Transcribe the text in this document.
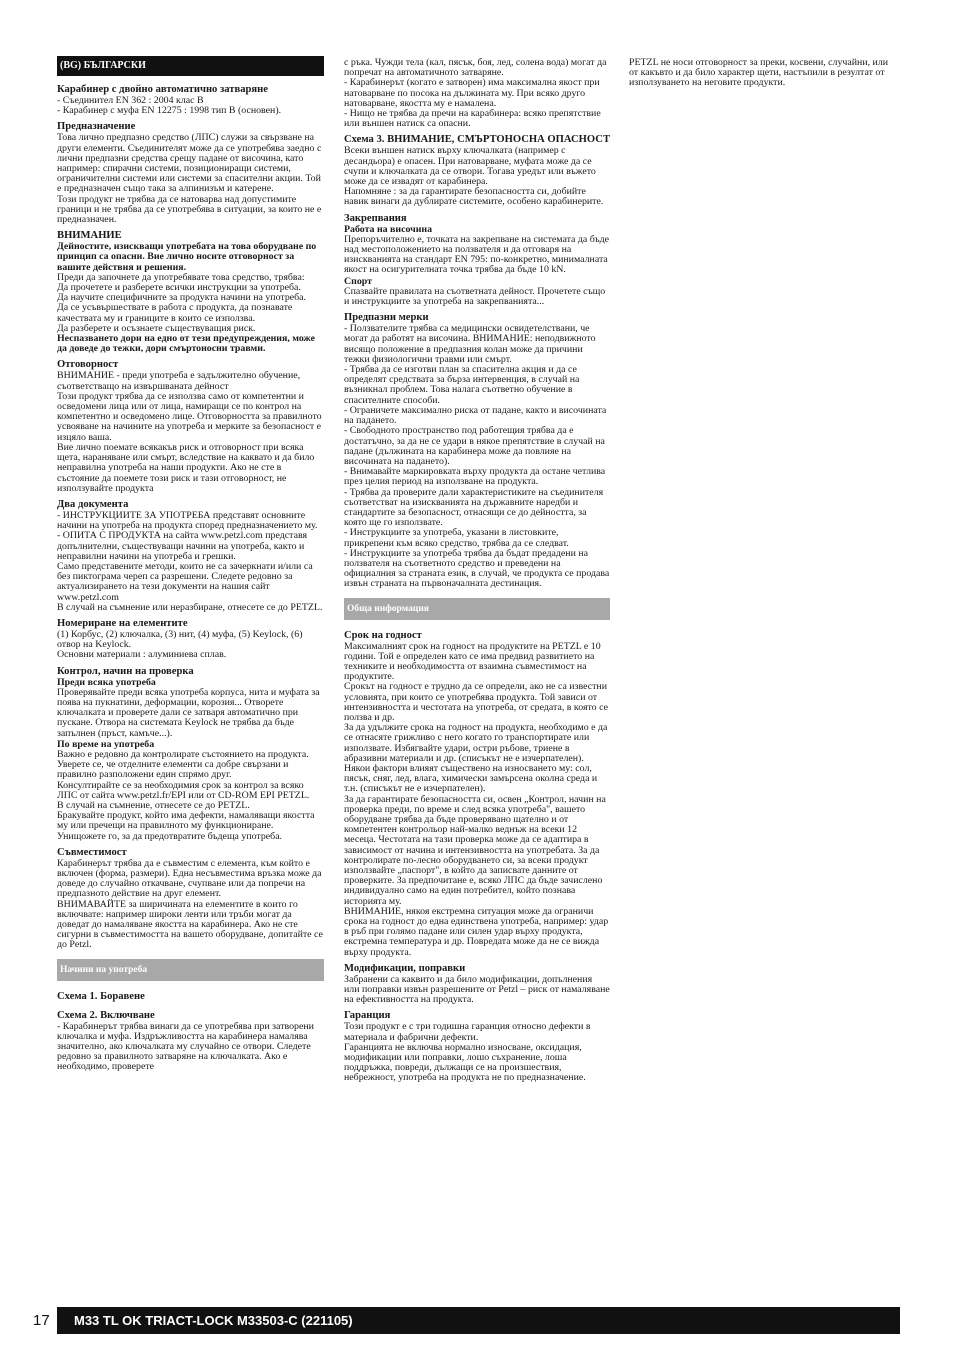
(BG) БЪЛГАРСКИ
Карабинер с двойно автоматично затваряне
- Съединител EN 362 : 2004 клас B
- Карабинер с муфа EN 12275 : 1998 тип B (основен).
Предназначение
Това лично предпазно средство (ЛПС) служи за свързване на други елементи. Съединителят може да се употребява заедно с лични предпазни средства срещу падане от височина, като например: спирачни системи, позициониращи системи, ограничителни системи или системи за спасителни акции. Той е предназначен също така за алпинизъм и катерене.
Този продукт не трябва да се натоварва над допустимите граници и не трябва да се употребява в ситуации, за които не е предназначен.
ВНИМАНИЕ
Дейностите, изискващи употребата на това оборудване по принцип са опасни. Вие лично носите отговорност за вашите действия и решения.
Преди да започнете да употребявате това средство, трябва:
Да прочетете и разберете всички инструкции за употреба.
Да научите специфичните за продукта начини на употреба.
Да се усъвършествате в работа с продукта, да познавате качествата му и границите в които се използва.
Да разберете и осъзнаете съществуващия риск.
Неспазването дори на едно от тези предупреждения, може да доведе до тежки, дори смъртоносни травми.
Отговорност
ВНИМАНИЕ - преди употреба е задължително обучение, съответстващо на извършваната дейност
Този продукт трябва да се използва само от компетентни и осведомени лица или от лица, намиращи се по контрол на компетентно и осведомено лице. Отговорността за правилното усвояване на начините на употреба и мерките за безопасност е изцяло ваша.
Вие лично поемате всякакъв риск и отговорност при всяка щета, нараняване или смърт, вследствие на каквато и да било неправилна употреба на наши продукти. Ако не сте в състояние да поемете този риск и тази отговорност, не използувайте продукта
Два документа
- ИНСТРУКЦИИТЕ ЗА УПОТРЕБА представят основните начини на употреба на продукта според предназначението му.
- ОПИТА С ПРОДУКТА на сайта www.petzl.com представя допълнителни, съществуващи начини на употреба, както и неправилни начини на употреба и грешки.
Само представените методи, които не са зачеркнати и/или са без пиктограма череп са разрешени. Следете редовно за актуализирането на тези документи на нашия сайт
www.petzl.com
В случай на съмнение или неразбиране, отнесете се до PETZL.
Номериране на елементите
(1) Корбус, (2) ключалка, (3) нит, (4) муфа, (5) Keylock, (6) отвор на Keylock.
Основни материали : алуминиева сплав.
Контрол, начин на проверка
Преди всяка употреба
Проверявайте преди всяка употреба корпуса, нита и муфата за поява на пукнатини, деформации, корозия... Отворете ключалката и проверете дали се затваря автоматично при пускане. Отвора на системата Keylock не трябва да бъде запълнен (пръст, камъче...).
По време на употреба
Важно е редовно да контролирате състоянието на продукта. Уверете се, че отделните елементи са добре свързани и правилно разположени един спрямо друг.
Консултирайте се за необходимия срок за контрол за всяко ЛПС от сайта www.petzl.fr/EPI или от CD-ROM EPI PETZL.
В случай на съмнение, отнесете се до PETZL.
Бракувайте продукт, който има дефекти, намаляващи якостта му или пречещи на правилното му функциониране. Унищожете го, за да предотвратите бъдеща употреба.
Съвместимост
Карабинерът трябва да е съвместим с елемента, към който е включен (форма, размери). Една несъвместима връзка може да доведе до случайно откачване, счупване или да попречи на предпазното действие на друг елемент.
ВНИМАВАЙТЕ за ширичината на елементите в които го включвате: например широки ленти или тръби могат да доведат до намаляване якостта на карабинера. Ако не сте сигурни в съвместимостта на вашето оборудване, допитайте се до Petzl.
Начини на употреба
Схема 1. Боравене
Схема 2. Включване
- Карабинерът трябва винаги да се употребява при затворени ключалка и муфа. Издръжливостта на карабинера намалява значително, ако ключалката му случайно се отвори. Следете редовно за правилното затваряне на ключалката. Ако е необходимо, проверете
с ръка. Чужди тела (кал, пясък, боя, лед, солена вода) могат да попречат на автоматичното затваряне.
- Карабинерът (когато е затворен) има максимална якост при натоварване по посока на дължината му. При всяко друго натоварване, якостта му е намалена.
- Нищо не трябва да пречи на карабинера: всяко препятствие или външен натиск са опасни.
Схема 3. ВНИМАНИЕ, СМЪРТОНОСНА ОПАСНОСТ
Всеки външен натиск върху ключалката (например с десандьора) е опасен. При натоварване, муфата може да се счупи и ключалката да се отвори. Тогава уредът или въжето може да се извадят от карабинера.
Напомняне : за да гарантирате безопасността си, добийте навик винаги да дублирате системите, особено карабинерите.
Закрепвания
Работа на височина
Препоръчително е, точката на закрепване на системата да бъде над местоположението на ползвателя и да отговаря на изискванията на стандарт EN 795: по-конкретно, минималната якост на осигурителната точка трябва да бъде 10 kN.
Спорт
Спазвайте правилата на съответната дейност. Прочетете също и инструкциите за употреба на закрепванията...
Предпазни мерки
- Ползвателите трябва са медицински освидетелствани, че могат да работят на височина. ВНИМАНИЕ: неподвижното висящо положение в предпазния колан може да причини тежки физиологични травми или смърт.
- Трябва да се изготви план за спасителна акция и да се определят средствата за бърза интервенция, в случай на възникнал проблем. Това налага съответно обучение в спасителните способи.
- Ограничете максимално риска от падане, както и височината на падането.
- Свободното пространство под работещия трябва да е достатъчно, за да не се удари в някое препятствие в случай на падане (дължината на карабинера може да повлияе на височината на падането).
- Внимавайте маркировката върху продукта да остане четлива през целия период на използване на продукта.
- Трябва да проверите дали характеристиките на съединителя съответстват на изискванията на държавните наредби и стандартите за безопасност, отнасящи се до дейността, за която ще го използвате.
- Инструкциите за употреба, указани в листовките, прикрепени към всяко средство, трябва да се следват.
- Инструкциите за употреба трябва да бъдат предадени на ползвателя на съответното средство и преведени на официалния за страната език, в случай, че продукта се продава извън страната на първоначалната дестинация.
Обща информация
Срок на годност
Максималният срок на годност на продуктите на PETZL е 10 години. Той е определен като се има предвид развитието на техниките и необходимостта от взаимна съвместимост на продуктите.
Срокът на годност е трудно да се определи, ако не са известни условията, при които се употребява продукта. Той зависи от интензивността и честотата на употреба, от средата, в която се ползва и др.
За да удължите срока на годност на продукта, необходимо е да се отнасяте грижливо с него когато го транспортирате или използвате. Избягвайте удари, остри ръбове, триене в абразивни материали и др. (списъкът не е изчерпателен).
Някои фактори влияят съществено на износването му: сол, пясък, сняг, лед, влага, химически замърсена околна среда и т.н. (списъкът не е изчерпателен).
За да гарантирате безопасността си, освен „Контрол, начин на проверка преди, по време и след всяка употреба", вашето оборудване трябва да бъде проверявано щателно и от компетентен контрольор най-малко веднъж на всеки 12 месеца. Честотата на тази проверка може да се адаптира в зависимост от начина и интензивността на употребата. За да контролирате по-лесно оборудването си, за всеки продукт използвайте „паспорт", в който да записвате данните от проверките. За предпочитане е, всяко ЛПС да бъде зачислено индивидуално само на един потребител, който познава историята му.
ВНИМАНИЕ, някоя екстремна ситуация може да ограничи срока на годност до една единствена употреба, например: удар в ръб при голямо падане или силен удар върху продукта, екстремна температура и др. Повредата може да не се вижда върху продукта.
Модификации, поправки
Забранени са каквито и да било модификации, допълнения или поправки извън разрешените от Petzl – риск от намаляване на ефективността на продукта.
Гаранция
Този продукт е с три годишна гаранция относно дефекти в материала и фабрични дефекти.
Гаранцията не включва нормално износване, оксидация, модификации или поправки, лошо съхранение, лоша поддръжка, повреди, дължащи се на произшествия, небрежност, употреба на продукта не по предназначение.
PETZL не носи отговорност за преки, косвени, случайни, или от какъвто и да било характер щети, настъпили в резултат от използуването на неговите продукти.
17	M33 TL OK TRIACT-LOCK M33503-C (221105)
